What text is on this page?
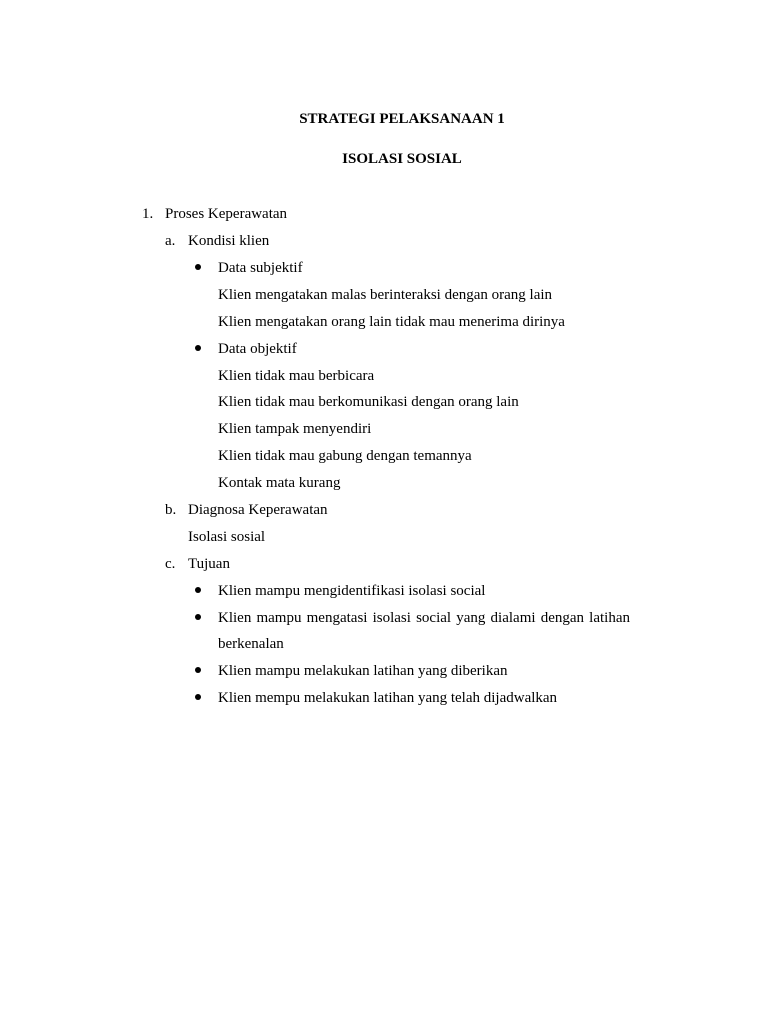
STRATEGI PELAKSANAAN 1
ISOLASI SOSIAL
1. Proses Keperawatan
a. Kondisi klien
Data subjektif
Klien mengatakan malas berinteraksi dengan orang lain
Klien mengatakan orang lain tidak mau menerima dirinya
Data objektif
Klien tidak mau berbicara
Klien tidak mau berkomunikasi dengan orang lain
Klien tampak menyendiri
Klien tidak mau gabung dengan temannya
Kontak mata kurang
b. Diagnosa Keperawatan
Isolasi sosial
c. Tujuan
Klien mampu mengidentifikasi isolasi social
Klien mampu mengatasi isolasi social yang dialami dengan latihan
berkenalan
Klien mampu melakukan latihan yang diberikan
Klien mempu melakukan latihan yang telah dijadwalkan
